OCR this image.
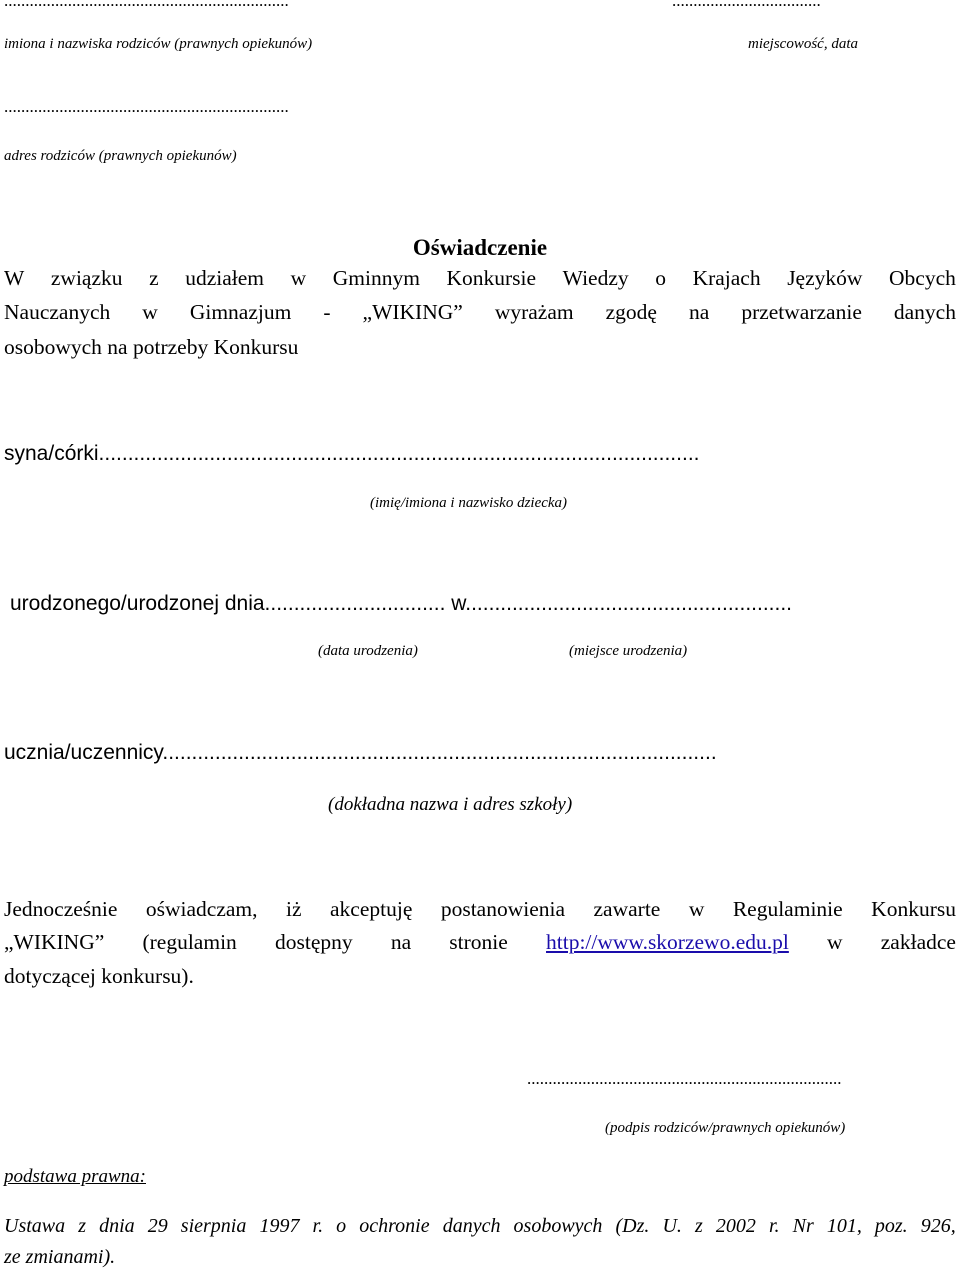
...................................................................	...................................
imiona i nazwiska rodziców (prawnych opiekunów)	miejscowość, data
...................................................................
adres rodziców (prawnych opiekunów)
Oświadczenie
W związku z udziałem w Gminnym Konkursie Wiedzy o Krajach Języków Obcych
Nauczanych w Gimnazjum - „WIKING” wyrażam zgodę na przetwarzanie danych
osobowych na potrzeby Konkursu
syna/córki.......................................................................................................
(imię/imiona i nazwisko dziecka)
urodzonego/urodzonej dnia............................... w........................................................
(data urodzenia)	(miejsce urodzenia)
ucznia/uczennicy...............................................................................................
(dokładna nazwa i adres szkoły)
Jednocześnie oświadczam, iż akceptuję postanowienia zawarte w Regulaminie Konkursu
„WIKING” (regulamin dostępny na stronie http://www.skorzewo.edu.pl w zakładce
dotyczącej konkursu).
..........................................................................
(podpis rodziców/prawnych opiekunów)
podstawa prawna:
Ustawa z dnia 29 sierpnia 1997 r. o ochronie danych osobowych (Dz. U. z 2002 r. Nr 101, poz. 926,
ze zmianami).
